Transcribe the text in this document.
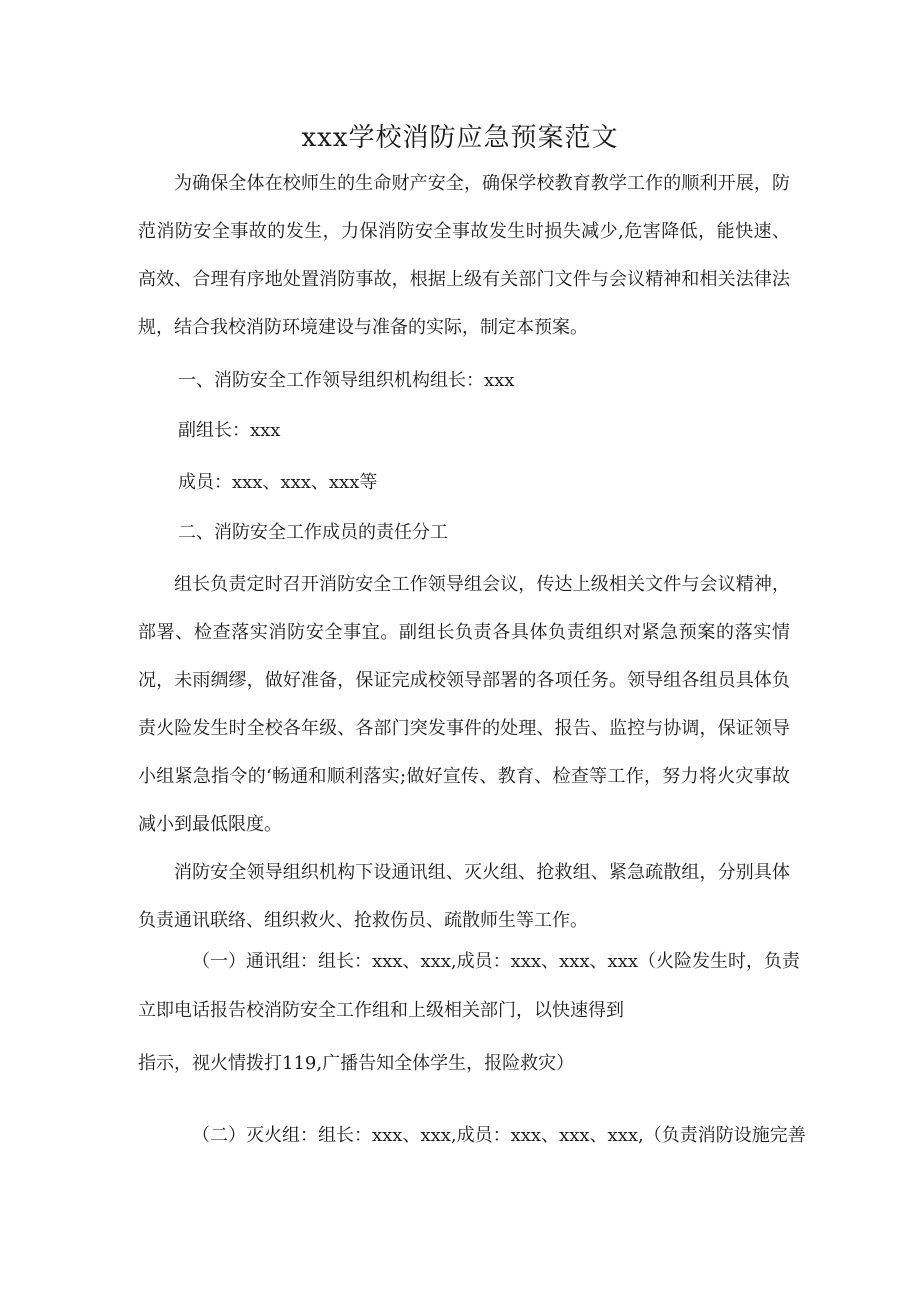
xxx学校消防应急预案范文

为确保全体在校师生的生命财产安全，确保学校教育教学工作的顺利开展，防范消防安全事故的发生，力保消防安全事故发生时损失减少,危害降低，能快速、高效、合理有序地处置消防事故，根据上级有关部门文件与会议精神和相关法律法规，结合我校消防环境建设与准备的实际，制定本预案。

一、消防安全工作领导组织机构组长：xxx

副组长：xxx

成员：xxx、xxx、xxx等

二、消防安全工作成员的责任分工

组长负责定时召开消防安全工作领导组会议，传达上级相关文件与会议精神，部署、检查落实消防安全事宜。副组长负责各具体负责组织对紧急预案的落实情况，未雨绸缪，做好准备，保证完成校领导部署的各项任务。领导组各组员具体负责火险发生时全校各年级、各部门突发事件的处理、报告、监控与协调，保证领导小组紧急指令的‘畅通和顺利落实;做好宣传、教育、检查等工作，努力将火灾事故减小到最低限度。

消防安全领导组织机构下设通讯组、灭火组、抢救组、紧急疏散组，分别具体负责通讯联络、组织救火、抢救伤员、疏散师生等工作。

（一）通讯组：组长：xxx、xxx,成员：xxx、xxx、xxx（火险发生时，负责

立即电话报告校消防安全工作组和上级相关部门，以快速得到

指示，视火情拨打119,广播告知全体学生，报险救灾）

（二）灭火组：组长：xxx、xxx,成员：xxx、xxx、xxx,（负责消防设施完善
